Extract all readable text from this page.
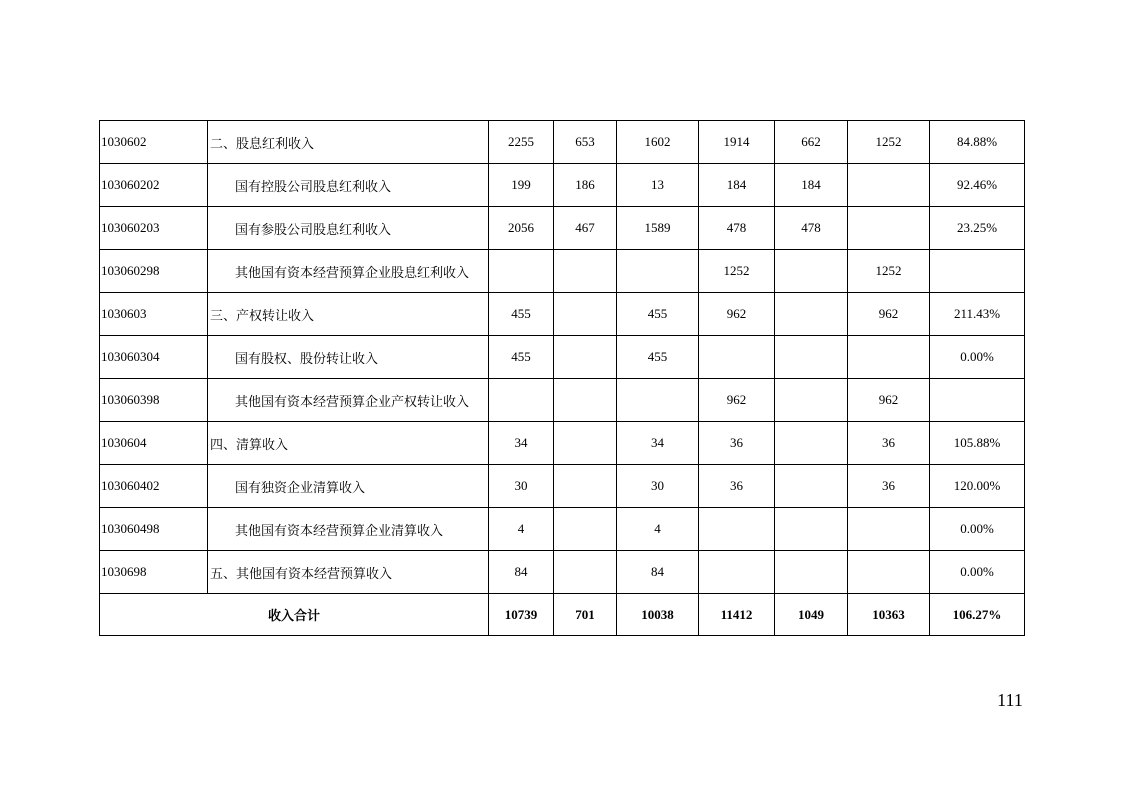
1030602	二、股息红利收入	2255	653	1602	1914	662	1252	84.88%
103060202	国有控股公司股息红利收入	199	186	13	184	184		92.46%
103060203	国有参股公司股息红利收入	2056	467	1589	478	478		23.25%
103060298	其他国有资本经营预算企业股息红利收入				1252		1252	
1030603	三、产权转让收入	455		455	962		962	211.43%
103060304	国有股权、股份转让收入	455		455				0.00%
103060398	其他国有资本经营预算企业产权转让收入				962		962	
1030604	四、清算收入	34		34	36		36	105.88%
103060402	国有独资企业清算收入	30		30	36		36	120.00%
103060498	其他国有资本经营预算企业清算收入	4		4				0.00%
1030698	五、其他国有资本经营预算收入	84		84				0.00%
收入合计		10739	701	10038	11412	1049	10363	106.27%
111
